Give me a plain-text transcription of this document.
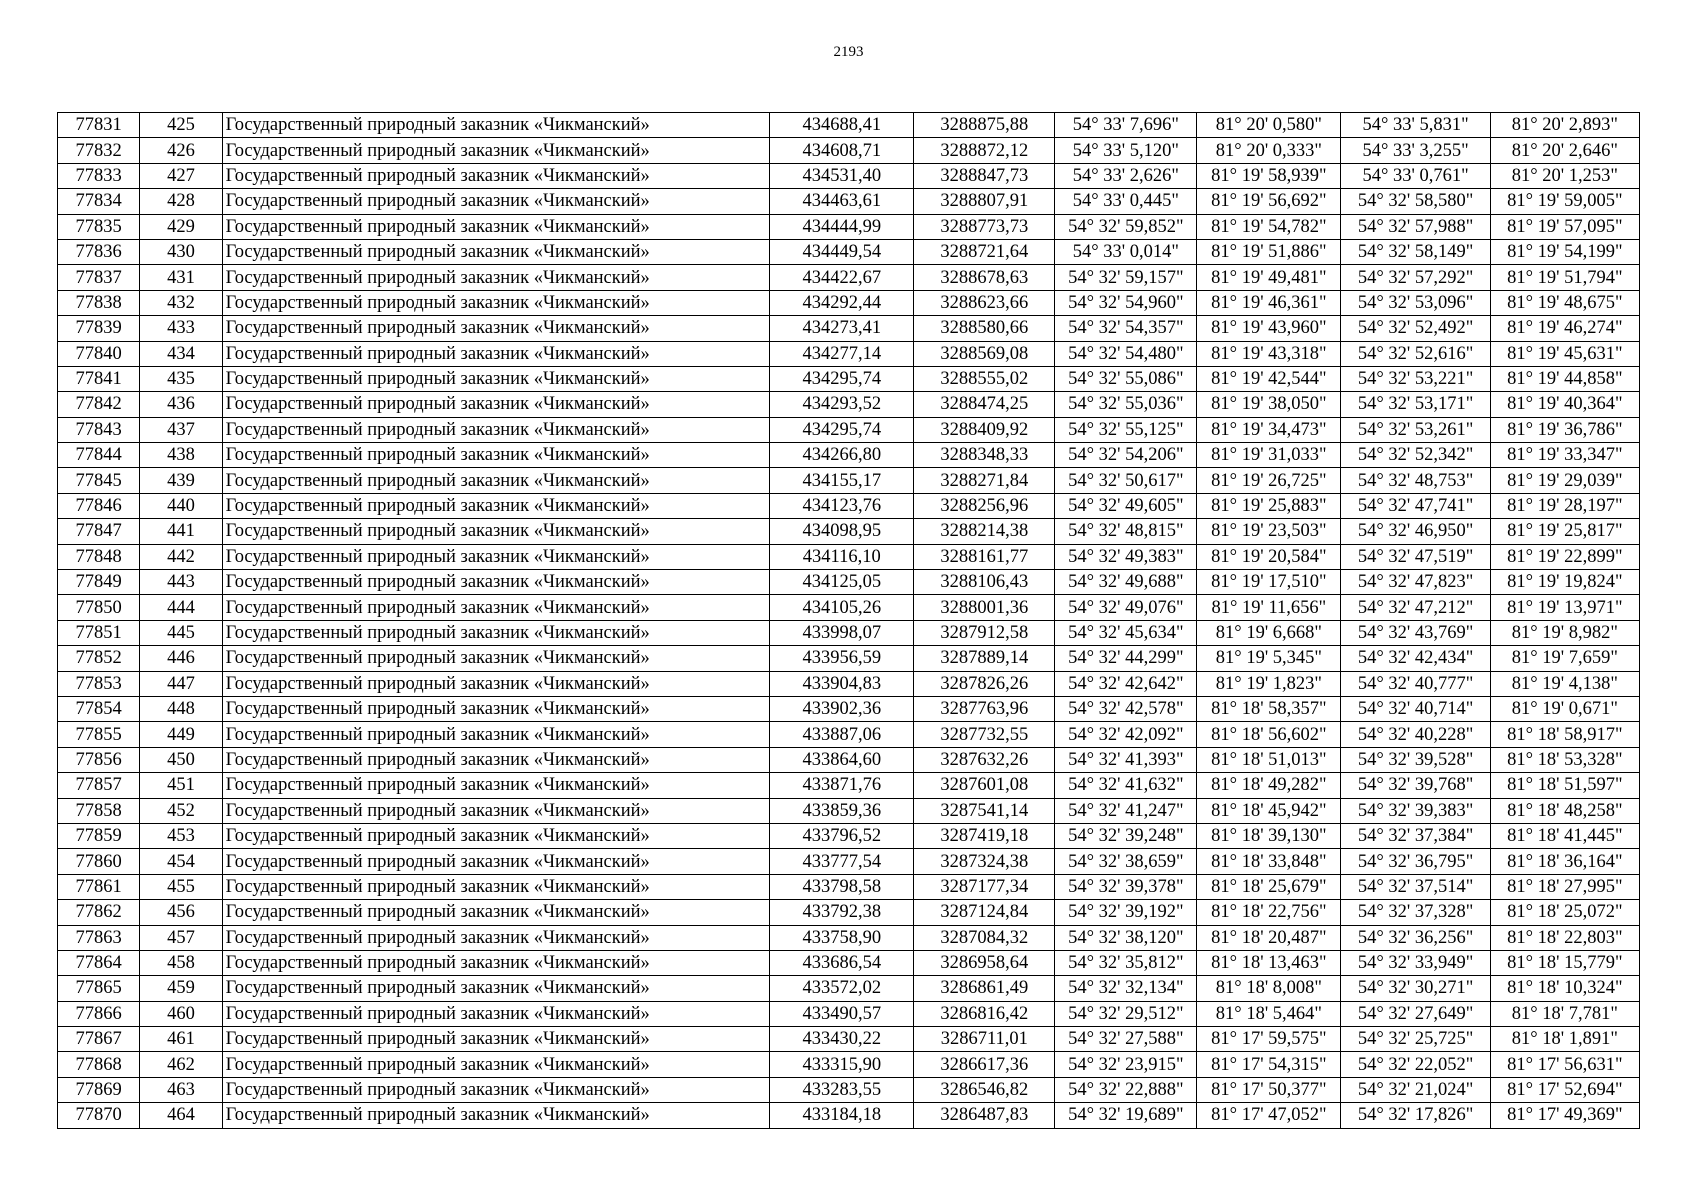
2193
77831	425	Государственный природный заказник «Чикманский»	434688,41	3288875,88	54° 33' 7,696"	81° 20' 0,580"	54° 33' 5,831"	81° 20' 2,893"
77832	426	Государственный природный заказник «Чикманский»	434608,71	3288872,12	54° 33' 5,120"	81° 20' 0,333"	54° 33' 3,255"	81° 20' 2,646"
77833	427	Государственный природный заказник «Чикманский»	434531,40	3288847,73	54° 33' 2,626"	81° 19' 58,939"	54° 33' 0,761"	81° 20' 1,253"
77834	428	Государственный природный заказник «Чикманский»	434463,61	3288807,91	54° 33' 0,445"	81° 19' 56,692"	54° 32' 58,580"	81° 19' 59,005"
77835	429	Государственный природный заказник «Чикманский»	434444,99	3288773,73	54° 32' 59,852"	81° 19' 54,782"	54° 32' 57,988"	81° 19' 57,095"
77836	430	Государственный природный заказник «Чикманский»	434449,54	3288721,64	54° 33' 0,014"	81° 19' 51,886"	54° 32' 58,149"	81° 19' 54,199"
77837	431	Государственный природный заказник «Чикманский»	434422,67	3288678,63	54° 32' 59,157"	81° 19' 49,481"	54° 32' 57,292"	81° 19' 51,794"
77838	432	Государственный природный заказник «Чикманский»	434292,44	3288623,66	54° 32' 54,960"	81° 19' 46,361"	54° 32' 53,096"	81° 19' 48,675"
77839	433	Государственный природный заказник «Чикманский»	434273,41	3288580,66	54° 32' 54,357"	81° 19' 43,960"	54° 32' 52,492"	81° 19' 46,274"
77840	434	Государственный природный заказник «Чикманский»	434277,14	3288569,08	54° 32' 54,480"	81° 19' 43,318"	54° 32' 52,616"	81° 19' 45,631"
77841	435	Государственный природный заказник «Чикманский»	434295,74	3288555,02	54° 32' 55,086"	81° 19' 42,544"	54° 32' 53,221"	81° 19' 44,858"
77842	436	Государственный природный заказник «Чикманский»	434293,52	3288474,25	54° 32' 55,036"	81° 19' 38,050"	54° 32' 53,171"	81° 19' 40,364"
77843	437	Государственный природный заказник «Чикманский»	434295,74	3288409,92	54° 32' 55,125"	81° 19' 34,473"	54° 32' 53,261"	81° 19' 36,786"
77844	438	Государственный природный заказник «Чикманский»	434266,80	3288348,33	54° 32' 54,206"	81° 19' 31,033"	54° 32' 52,342"	81° 19' 33,347"
77845	439	Государственный природный заказник «Чикманский»	434155,17	3288271,84	54° 32' 50,617"	81° 19' 26,725"	54° 32' 48,753"	81° 19' 29,039"
77846	440	Государственный природный заказник «Чикманский»	434123,76	3288256,96	54° 32' 49,605"	81° 19' 25,883"	54° 32' 47,741"	81° 19' 28,197"
77847	441	Государственный природный заказник «Чикманский»	434098,95	3288214,38	54° 32' 48,815"	81° 19' 23,503"	54° 32' 46,950"	81° 19' 25,817"
77848	442	Государственный природный заказник «Чикманский»	434116,10	3288161,77	54° 32' 49,383"	81° 19' 20,584"	54° 32' 47,519"	81° 19' 22,899"
77849	443	Государственный природный заказник «Чикманский»	434125,05	3288106,43	54° 32' 49,688"	81° 19' 17,510"	54° 32' 47,823"	81° 19' 19,824"
77850	444	Государственный природный заказник «Чикманский»	434105,26	3288001,36	54° 32' 49,076"	81° 19' 11,656"	54° 32' 47,212"	81° 19' 13,971"
77851	445	Государственный природный заказник «Чикманский»	433998,07	3287912,58	54° 32' 45,634"	81° 19' 6,668"	54° 32' 43,769"	81° 19' 8,982"
77852	446	Государственный природный заказник «Чикманский»	433956,59	3287889,14	54° 32' 44,299"	81° 19' 5,345"	54° 32' 42,434"	81° 19' 7,659"
77853	447	Государственный природный заказник «Чикманский»	433904,83	3287826,26	54° 32' 42,642"	81° 19' 1,823"	54° 32' 40,777"	81° 19' 4,138"
77854	448	Государственный природный заказник «Чикманский»	433902,36	3287763,96	54° 32' 42,578"	81° 18' 58,357"	54° 32' 40,714"	81° 19' 0,671"
77855	449	Государственный природный заказник «Чикманский»	433887,06	3287732,55	54° 32' 42,092"	81° 18' 56,602"	54° 32' 40,228"	81° 18' 58,917"
77856	450	Государственный природный заказник «Чикманский»	433864,60	3287632,26	54° 32' 41,393"	81° 18' 51,013"	54° 32' 39,528"	81° 18' 53,328"
77857	451	Государственный природный заказник «Чикманский»	433871,76	3287601,08	54° 32' 41,632"	81° 18' 49,282"	54° 32' 39,768"	81° 18' 51,597"
77858	452	Государственный природный заказник «Чикманский»	433859,36	3287541,14	54° 32' 41,247"	81° 18' 45,942"	54° 32' 39,383"	81° 18' 48,258"
77859	453	Государственный природный заказник «Чикманский»	433796,52	3287419,18	54° 32' 39,248"	81° 18' 39,130"	54° 32' 37,384"	81° 18' 41,445"
77860	454	Государственный природный заказник «Чикманский»	433777,54	3287324,38	54° 32' 38,659"	81° 18' 33,848"	54° 32' 36,795"	81° 18' 36,164"
77861	455	Государственный природный заказник «Чикманский»	433798,58	3287177,34	54° 32' 39,378"	81° 18' 25,679"	54° 32' 37,514"	81° 18' 27,995"
77862	456	Государственный природный заказник «Чикманский»	433792,38	3287124,84	54° 32' 39,192"	81° 18' 22,756"	54° 32' 37,328"	81° 18' 25,072"
77863	457	Государственный природный заказник «Чикманский»	433758,90	3287084,32	54° 32' 38,120"	81° 18' 20,487"	54° 32' 36,256"	81° 18' 22,803"
77864	458	Государственный природный заказник «Чикманский»	433686,54	3286958,64	54° 32' 35,812"	81° 18' 13,463"	54° 32' 33,949"	81° 18' 15,779"
77865	459	Государственный природный заказник «Чикманский»	433572,02	3286861,49	54° 32' 32,134"	81° 18' 8,008"	54° 32' 30,271"	81° 18' 10,324"
77866	460	Государственный природный заказник «Чикманский»	433490,57	3286816,42	54° 32' 29,512"	81° 18' 5,464"	54° 32' 27,649"	81° 18' 7,781"
77867	461	Государственный природный заказник «Чикманский»	433430,22	3286711,01	54° 32' 27,588"	81° 17' 59,575"	54° 32' 25,725"	81° 18' 1,891"
77868	462	Государственный природный заказник «Чикманский»	433315,90	3286617,36	54° 32' 23,915"	81° 17' 54,315"	54° 32' 22,052"	81° 17' 56,631"
77869	463	Государственный природный заказник «Чикманский»	433283,55	3286546,82	54° 32' 22,888"	81° 17' 50,377"	54° 32' 21,024"	81° 17' 52,694"
77870	464	Государственный природный заказник «Чикманский»	433184,18	3286487,83	54° 32' 19,689"	81° 17' 47,052"	54° 32' 17,826"	81° 17' 49,369"
